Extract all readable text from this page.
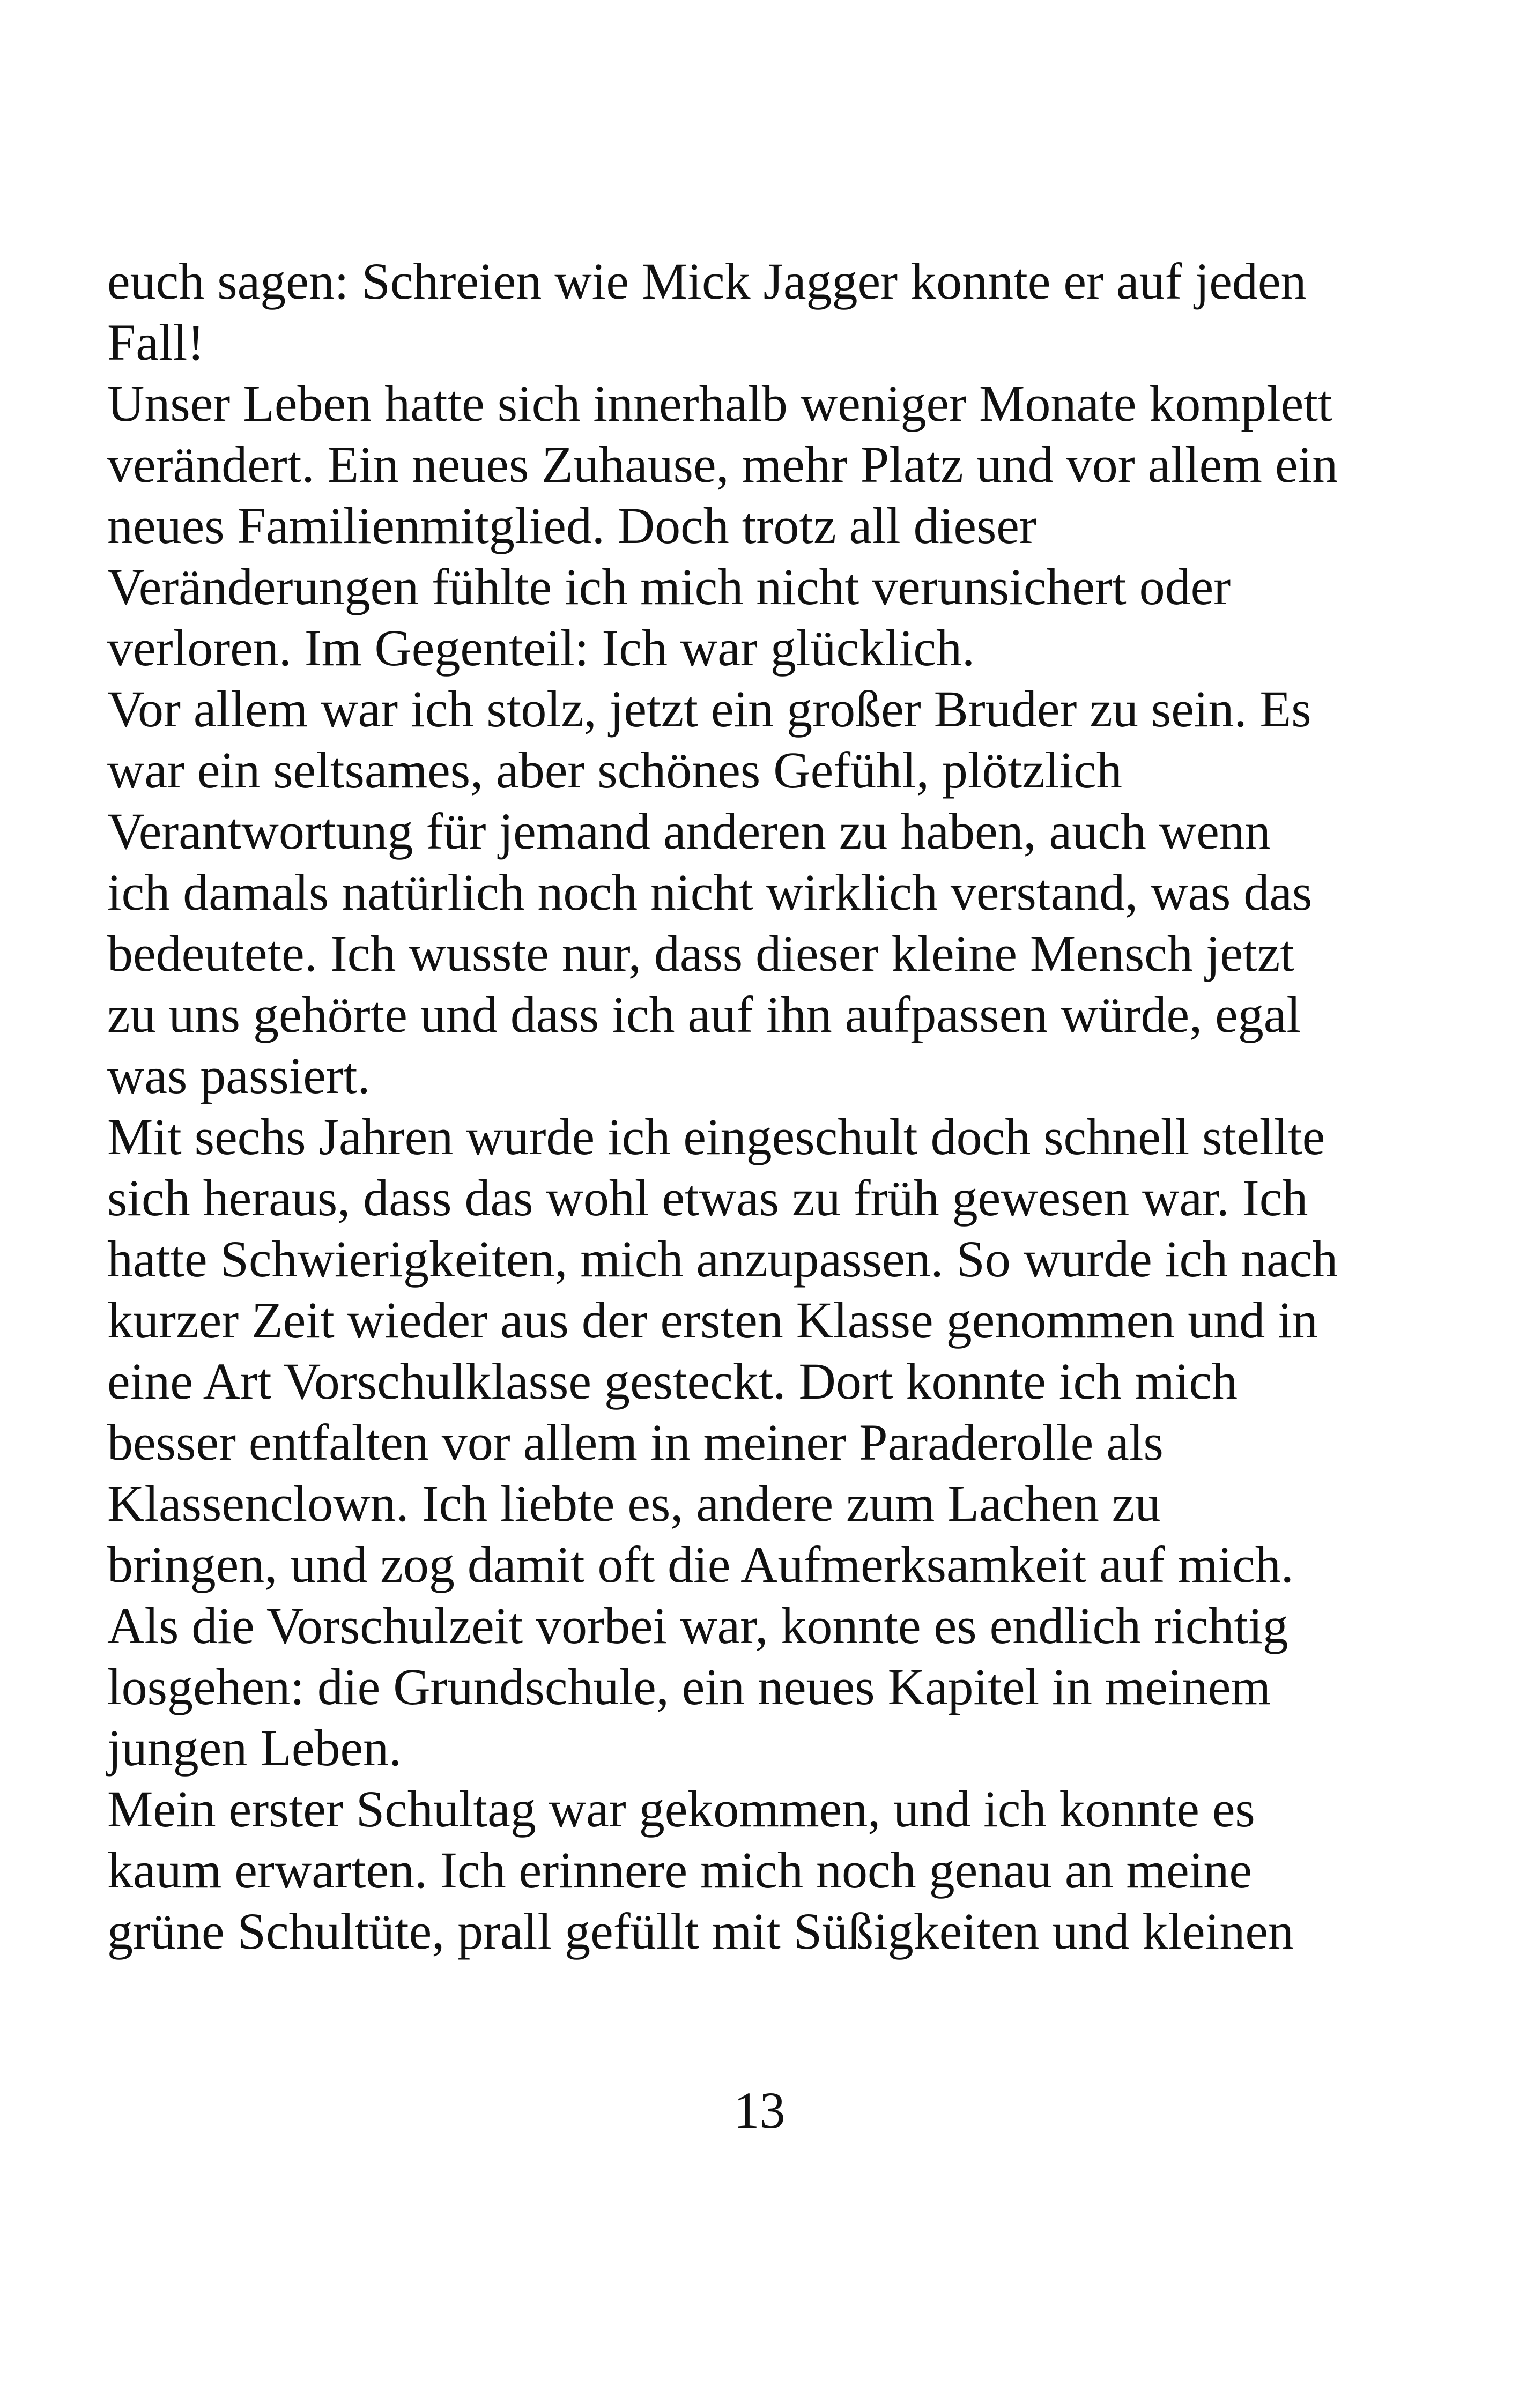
euch sagen: Schreien wie Mick Jagger konnte er auf jeden
Fall!
Unser Leben hatte sich innerhalb weniger Monate komplett
verändert. Ein neues Zuhause, mehr Platz und vor allem ein
neues Familienmitglied. Doch trotz all dieser
Veränderungen fühlte ich mich nicht verunsichert oder
verloren. Im Gegenteil: Ich war glücklich.
Vor allem war ich stolz, jetzt ein großer Bruder zu sein. Es
war ein seltsames, aber schönes Gefühl, plötzlich
Verantwortung für jemand anderen zu haben, auch wenn
ich damals natürlich noch nicht wirklich verstand, was das
bedeutete. Ich wusste nur, dass dieser kleine Mensch jetzt
zu uns gehörte und dass ich auf ihn aufpassen würde, egal
was passiert.
Mit sechs Jahren wurde ich eingeschult doch schnell stellte
sich heraus, dass das wohl etwas zu früh gewesen war. Ich
hatte Schwierigkeiten, mich anzupassen. So wurde ich nach
kurzer Zeit wieder aus der ersten Klasse genommen und in
eine Art Vorschulklasse gesteckt. Dort konnte ich mich
besser entfalten vor allem in meiner Paraderolle als
Klassenclown. Ich liebte es, andere zum Lachen zu
bringen, und zog damit oft die Aufmerksamkeit auf mich.
Als die Vorschulzeit vorbei war, konnte es endlich richtig
losgehen: die Grundschule, ein neues Kapitel in meinem
jungen Leben.
Mein erster Schultag war gekommen, und ich konnte es
kaum erwarten. Ich erinnere mich noch genau an meine
grüne Schultüte, prall gefüllt mit Süßigkeiten und kleinen
13
